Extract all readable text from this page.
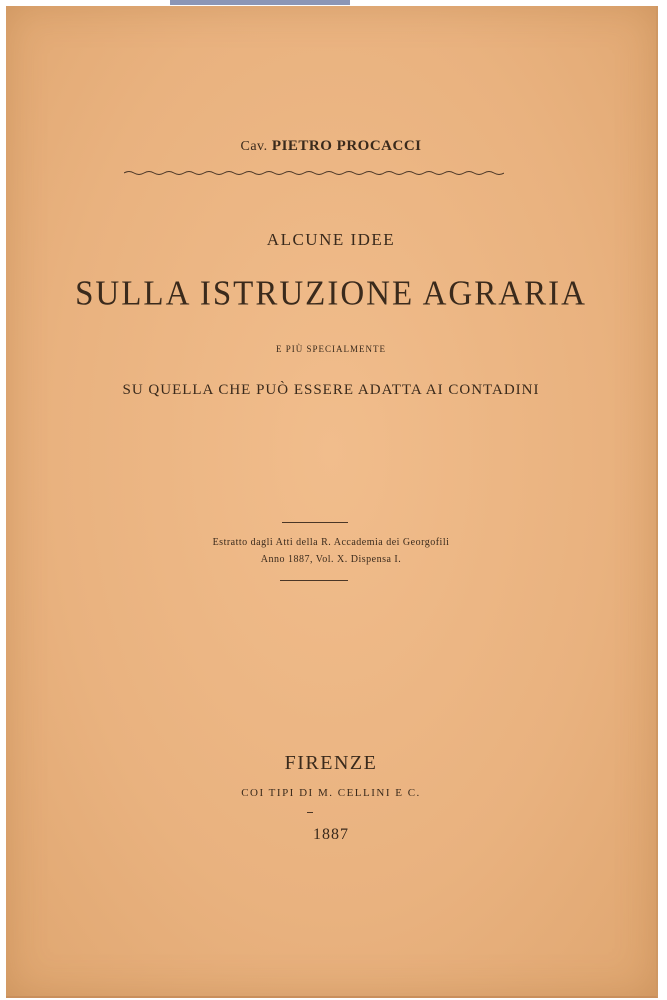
Cav. PIETRO PROCACCI
ALCUNE IDEE
SULLA ISTRUZIONE AGRARIA
E PIÙ SPECIALMENTE
SU QUELLA CHE PUÒ ESSERE ADATTA AI CONTADINI
Estratto dagli Atti della R. Accademia dei Georgofili
Anno 1887, Vol. X. Dispensa I.
FIRENZE
COI TIPI DI M. CELLINI E C.
1887
